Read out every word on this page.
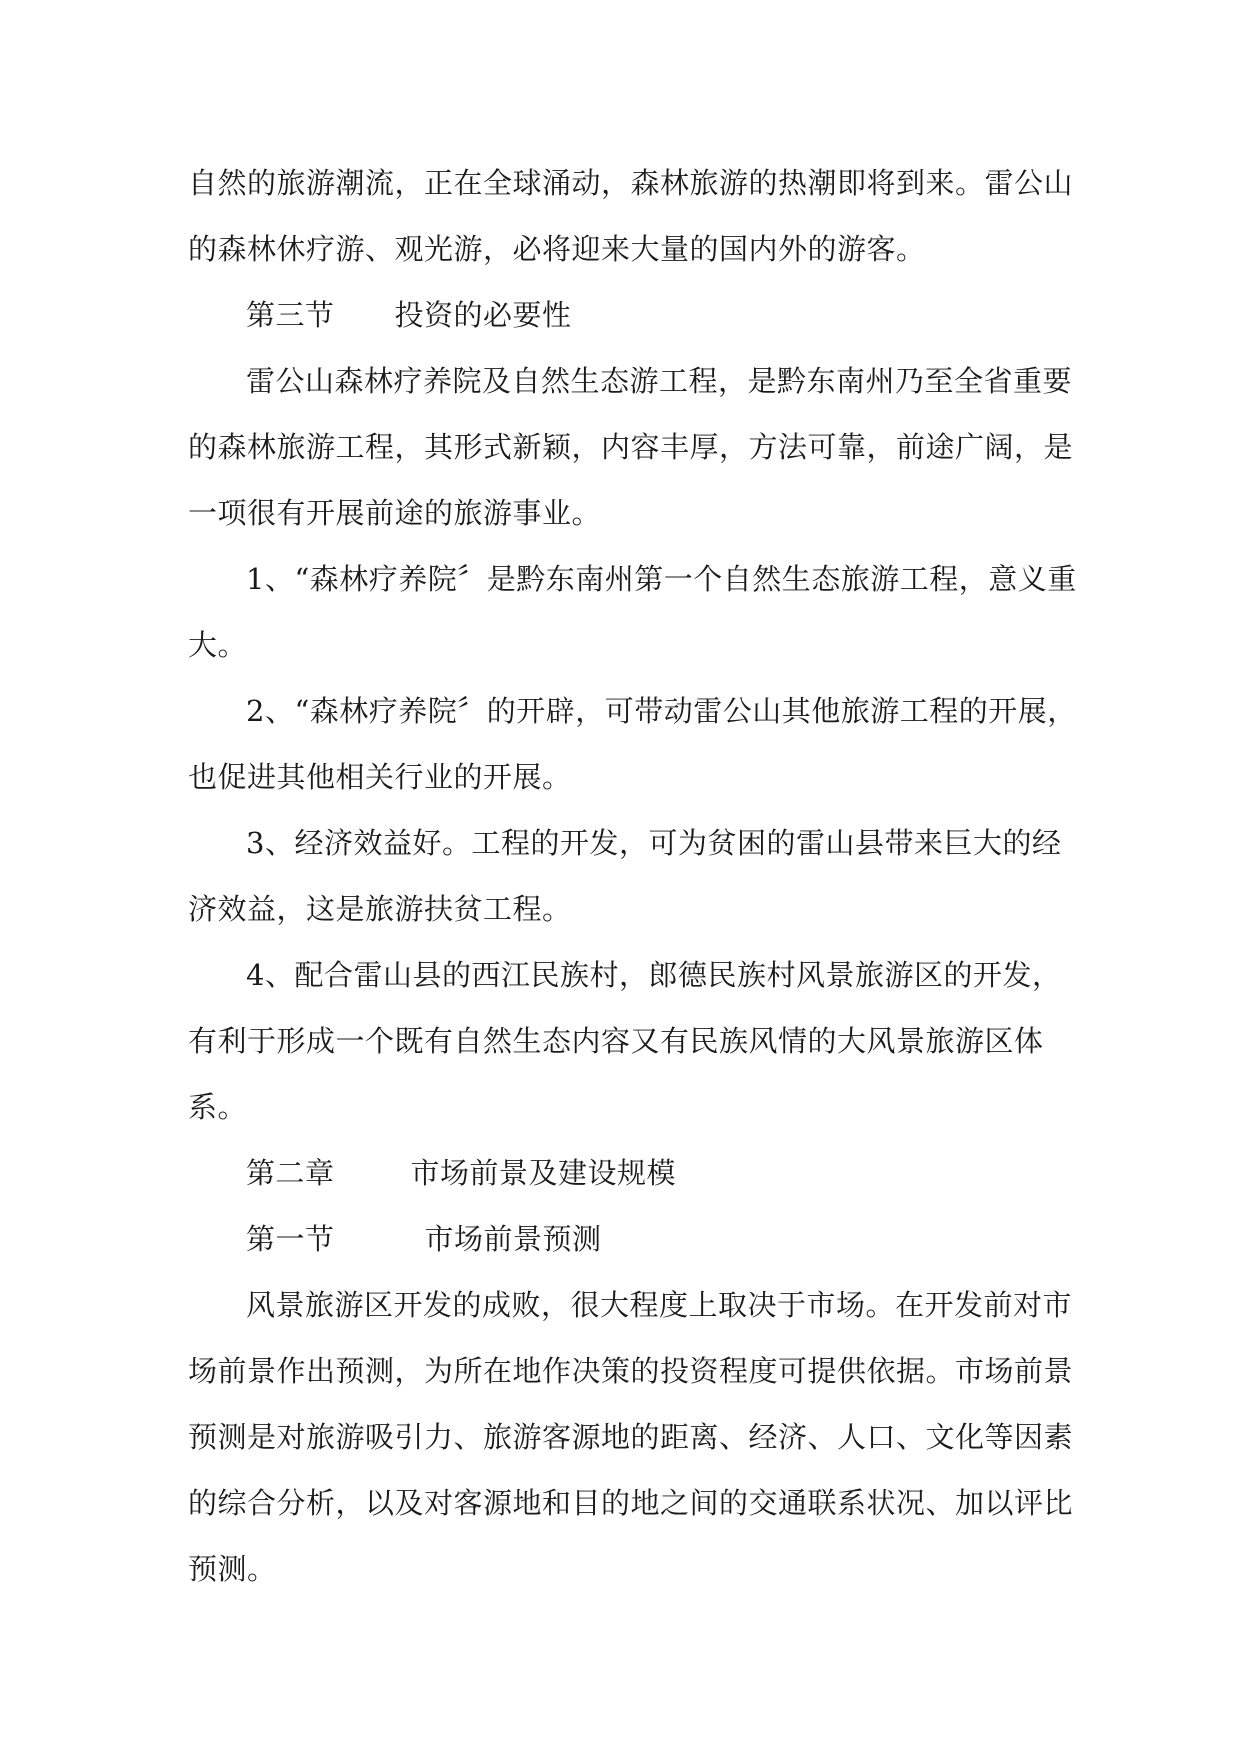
自然的旅游潮流，正在全球涌动，森林旅游的热潮即将到来。雷公山
的森林休疗游、观光游，必将迎来大量的国内外的游客。
第三节 投资的必要性
雷公山森林疗养院及自然生态游工程，是黔东南州乃至全省重要
的森林旅游工程，其形式新颖，内容丰厚，方法可靠，前途广阔，是
一项很有开展前途的旅游事业。
1、“森林疗养院〞是黔东南州第一个自然生态旅游工程，意义重
大。
2、“森林疗养院〞的开辟，可带动雷公山其他旅游工程的开展，
也促进其他相关行业的开展。
3、经济效益好。工程的开发，可为贫困的雷山县带来巨大的经
济效益，这是旅游扶贫工程。
4、配合雷山县的西江民族村，郎德民族村风景旅游区的开发，
有利于形成一个既有自然生态内容又有民族风情的大风景旅游区体
系。
第二章	市场前景及建设规模
第一节	市场前景预测
风景旅游区开发的成败，很大程度上取决于市场。在开发前对市
场前景作出预测，为所在地作决策的投资程度可提供依据。市场前景
预测是对旅游吸引力、旅游客源地的距离、经济、人口、文化等因素
的综合分析，以及对客源地和目的地之间的交通联系状况、加以评比
预测。
